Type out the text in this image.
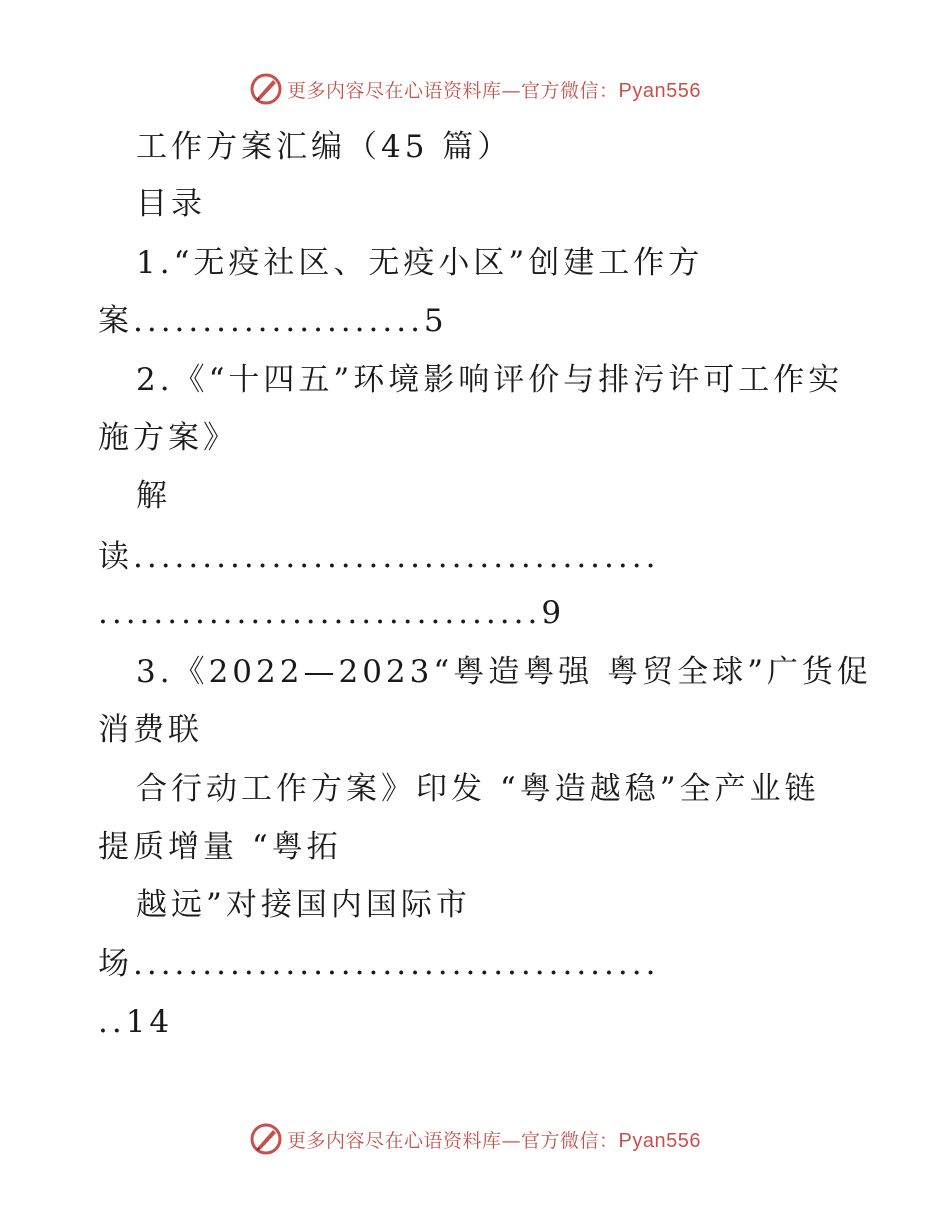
更多内容尽在心语资料库—官方微信：Pyan556
工作方案汇编（45 篇）
目录
1.“无疫社区、无疫小区”创建工作方
案.....................5
2.《“十四五”环境影响评价与排污许可工作实
施方案》
解
读......................................
................................9
3.《2022—2023“粤造粤强 粤贸全球”广货促
消费联
合行动工作方案》印发 “粤造越稳”全产业链
提质增量 “粤拓
越远”对接国内国际市
场......................................
..14
更多内容尽在心语资料库—官方微信：Pyan556
